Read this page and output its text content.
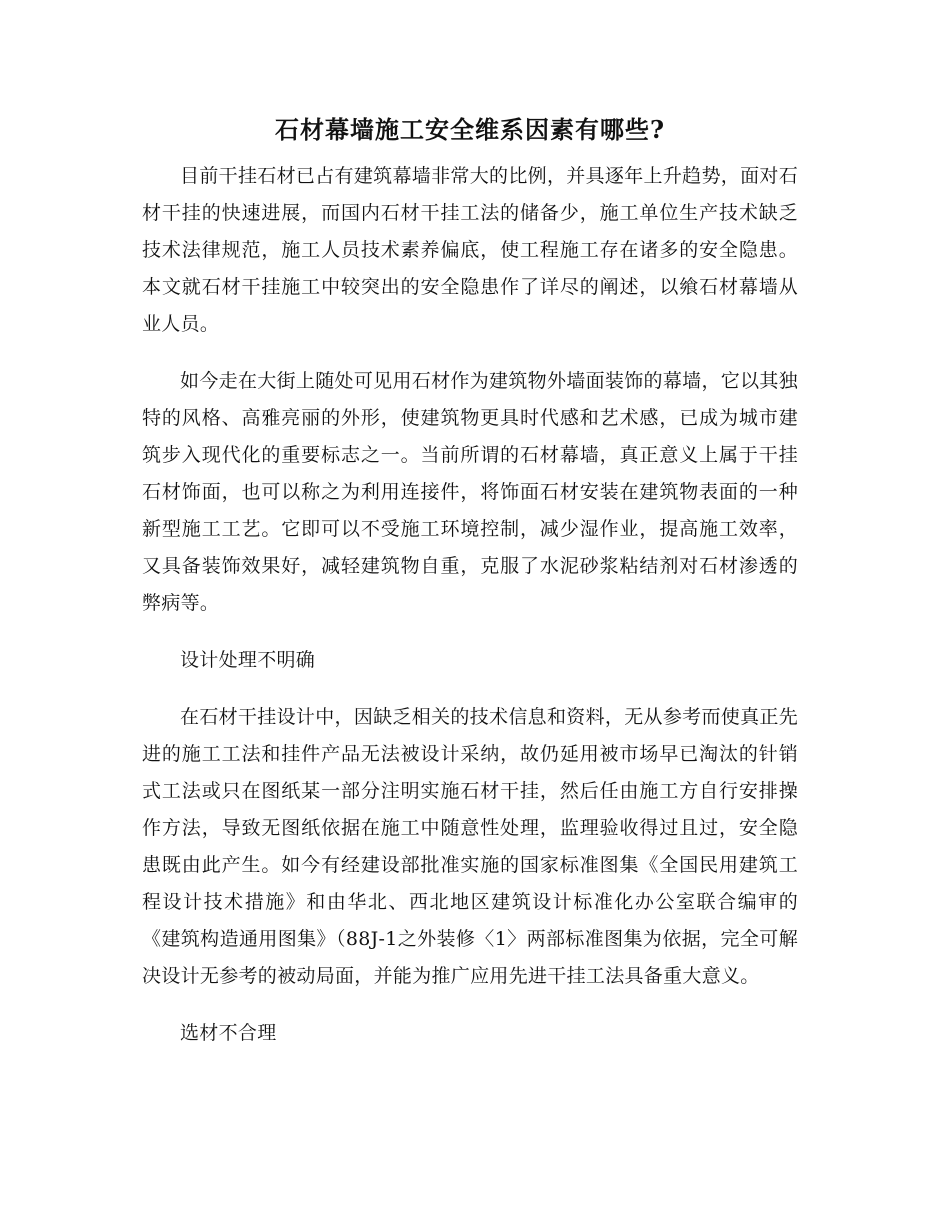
石材幕墙施工安全维系因素有哪些?

目前干挂石材已占有建筑幕墙非常大的比例，并具逐年上升趋势，面对石材干挂的快速进展，而国内石材干挂工法的储备少，施工单位生产技术缺乏技术法律规范，施工人员技术素养偏底，使工程施工存在诸多的安全隐患。本文就石材干挂施工中较突出的安全隐患作了详尽的阐述，以飨石材幕墙从业人员。

如今走在大街上随处可见用石材作为建筑物外墙面装饰的幕墙，它以其独特的风格、高雅亮丽的外形，使建筑物更具时代感和艺术感，已成为城市建筑步入现代化的重要标志之一。当前所谓的石材幕墙，真正意义上属于干挂石材饰面，也可以称之为利用连接件，将饰面石材安装在建筑物表面的一种新型施工工艺。它即可以不受施工环境控制，减少湿作业，提高施工效率，又具备装饰效果好，减轻建筑物自重，克服了水泥砂浆粘结剂对石材渗透的弊病等。

设计处理不明确

在石材干挂设计中，因缺乏相关的技术信息和资料，无从参考而使真正先进的施工工法和挂件产品无法被设计采纳，故仍延用被市场早已淘汰的针销式工法或只在图纸某一部分注明实施石材干挂，然后任由施工方自行安排操作方法，导致无图纸依据在施工中随意性处理，监理验收得过且过，安全隐患既由此产生。如今有经建设部批准实施的国家标准图集《全国民用建筑工程设计技术措施》和由华北、西北地区建筑设计标准化办公室联合编审的《建筑构造通用图集》（88J-1之外装修〈1〉两部标准图集为依据，完全可解决设计无参考的被动局面，并能为推广应用先进干挂工法具备重大意义。

选材不合理
